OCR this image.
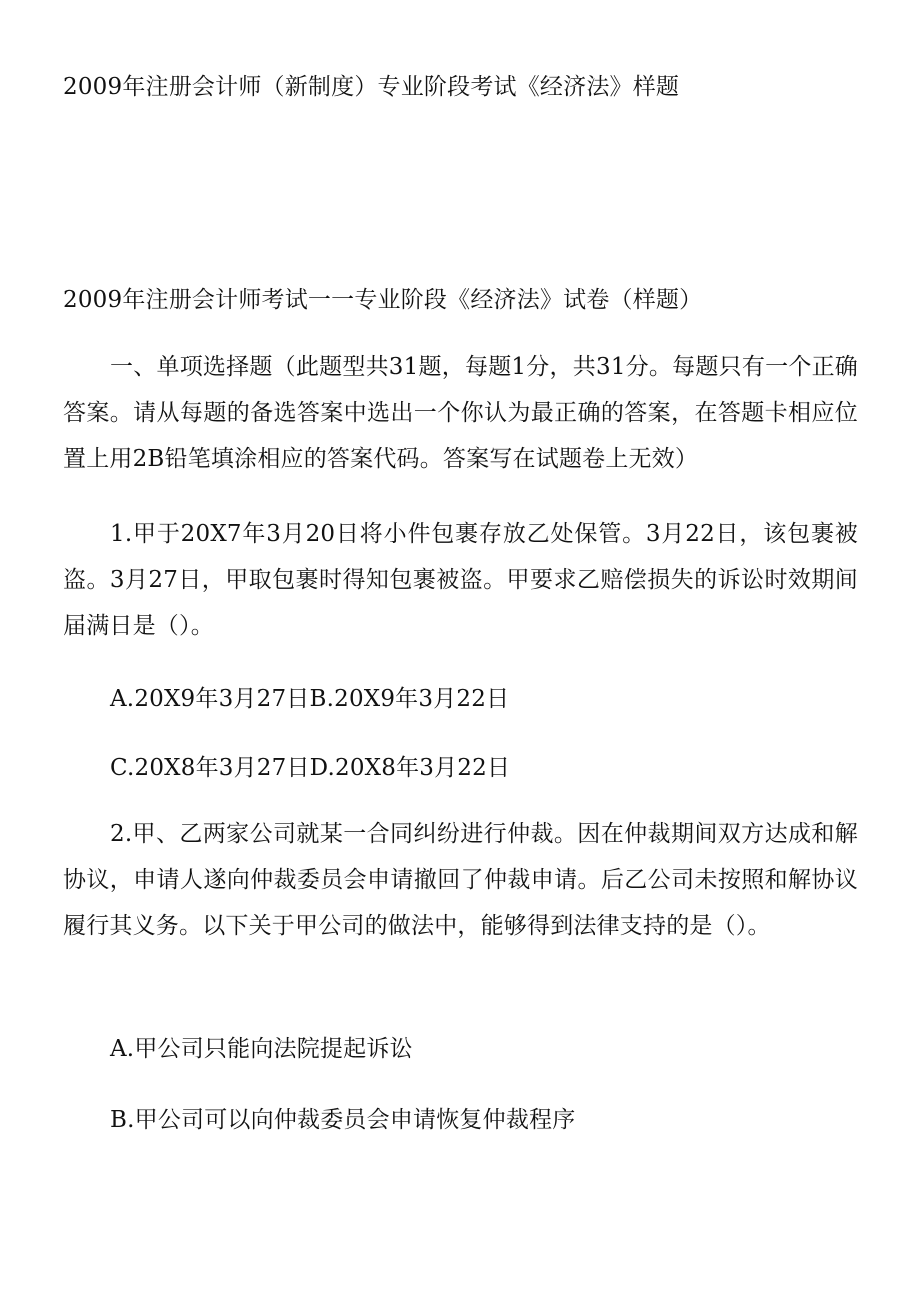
2009年注册会计师（新制度）专业阶段考试《经济法》样题

2009年注册会计师考试一一专业阶段《经济法》试卷（样题）

一、单项选择题（此题型共31题，每题1分，共31分。每题只有一个正确答案。请从每题的备选答案中选出一个你认为最正确的答案，在答题卡相应位置上用2B铅笔填涂相应的答案代码。答案写在试题卷上无效）

1.甲于20X7年3月20日将小件包裹存放乙处保管。3月22日，该包裹被盗。3月27日，甲取包裹时得知包裹被盗。甲要求乙赔偿损失的诉讼时效期间届满日是（）。

A.20X9年3月27日B.20X9年3月22日

C.20X8年3月27日D.20X8年3月22日

2.甲、乙两家公司就某一合同纠纷进行仲裁。因在仲裁期间双方达成和解协议，申请人遂向仲裁委员会申请撤回了仲裁申请。后乙公司未按照和解协议履行其义务。以下关于甲公司的做法中，能够得到法律支持的是（）。

A.甲公司只能向法院提起诉讼

B.甲公司可以向仲裁委员会申请恢复仲裁程序
